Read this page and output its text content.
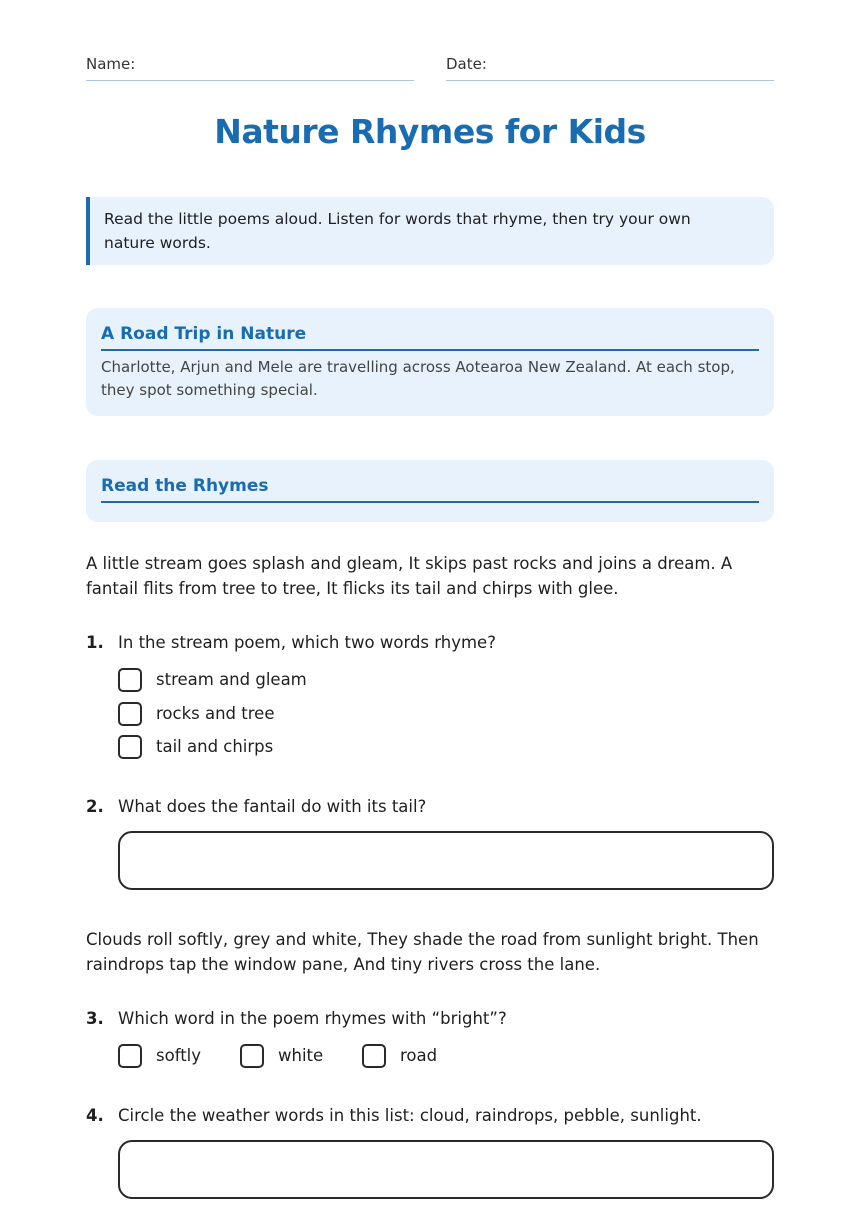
Name:	Date:
Nature Rhymes for Kids
Read the little poems aloud. Listen for words that rhyme, then try your own nature words.
A Road Trip in Nature

Charlotte, Arjun and Mele are travelling across Aotearoa New Zealand. At each stop, they spot something special.

Read the Rhymes

A little stream goes splash and gleam, It skips past rocks and joins a dream. A fantail flits from tree to tree, It flicks its tail and chirps with glee.

1. In the stream poem, which two words rhyme?
stream and gleam
rocks and tree
tail and chirps
2. What does the fantail do with its tail?

Clouds roll softly, grey and white, They shade the road from sunlight bright. Then raindrops tap the window pane, And tiny rivers cross the lane.

3. Which word in the poem rhymes with “bright”?
softly	white	road
4. Circle the weather words in this list: cloud, raindrops, pebble, sunlight.
